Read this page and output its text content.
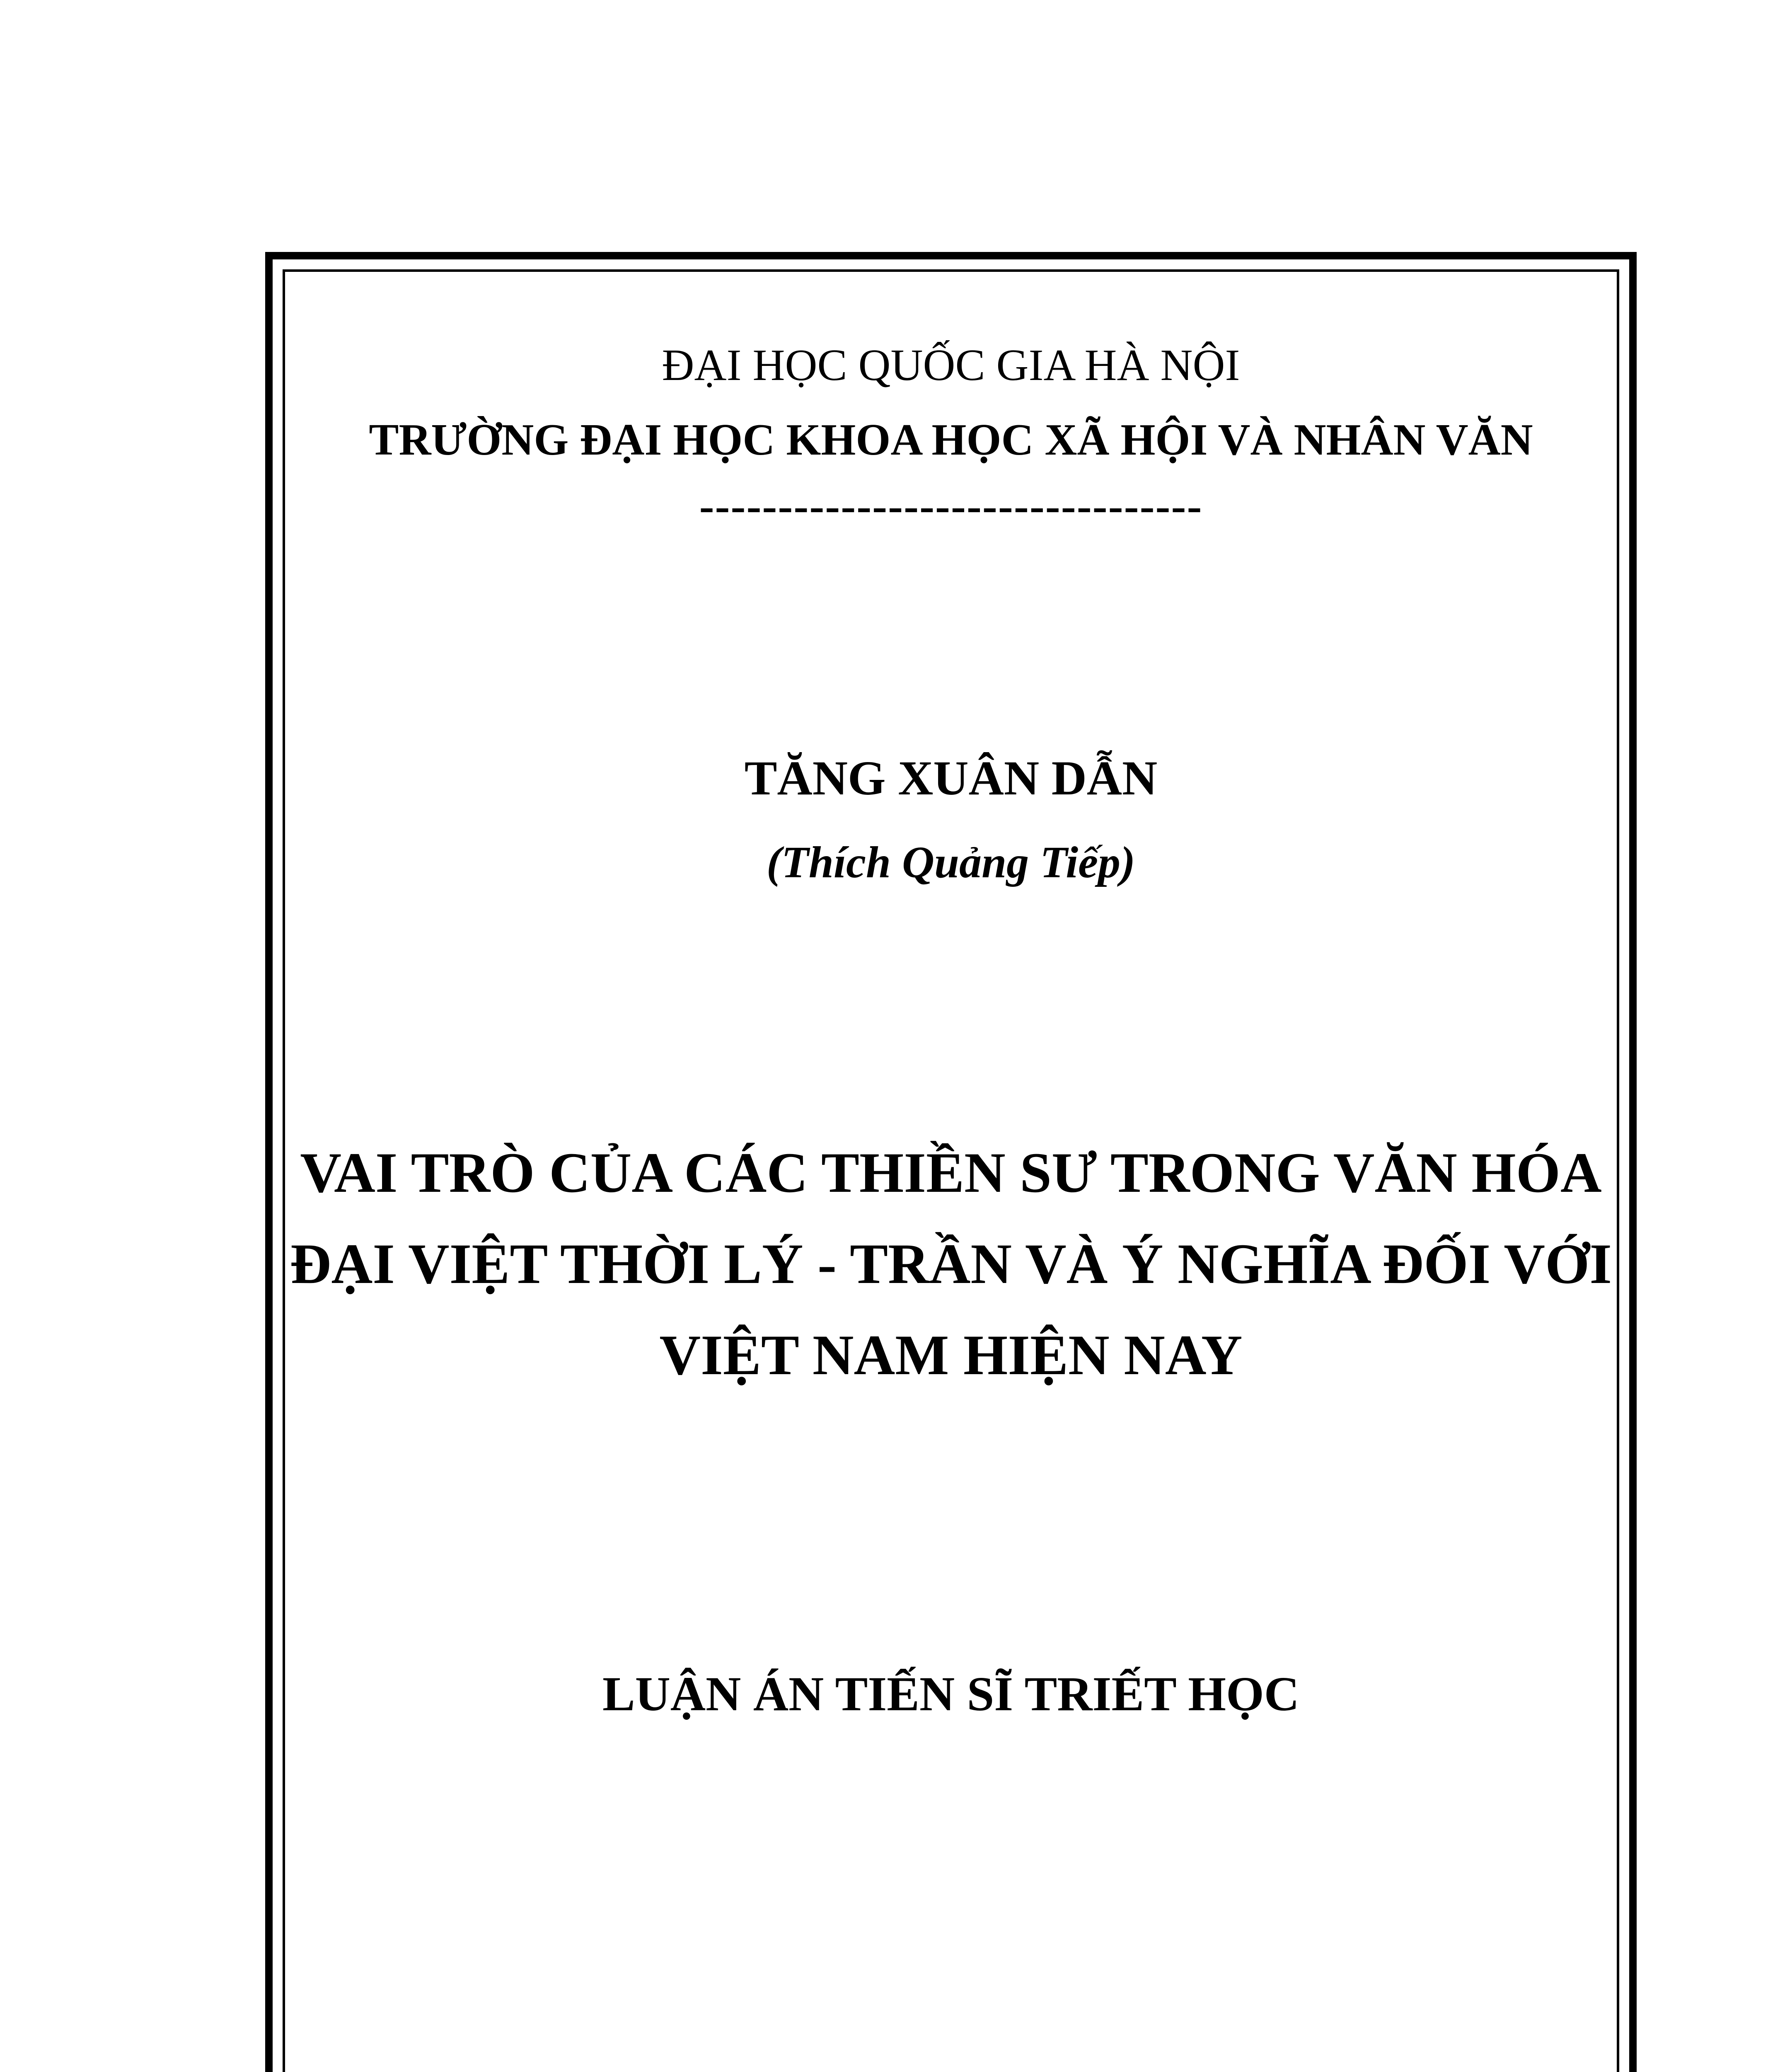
ĐẠI HỌC QUỐC GIA HÀ NỘI
TRƯỜNG ĐẠI HỌC KHOA HỌC XÃ HỘI VÀ NHÂN VĂN
--------------------------------
TĂNG XUÂN DẪN
(Thích Quảng Tiếp)
VAI TRÒ CỦA CÁC THIỀN SƯ TRONG VĂN HÓA
ĐẠI VIỆT THỜI LÝ - TRẦN VÀ Ý NGHĨA ĐỐI VỚI
VIỆT NAM HIỆN NAY
LUẬN ÁN TIẾN SĨ TRIẾT HỌC
